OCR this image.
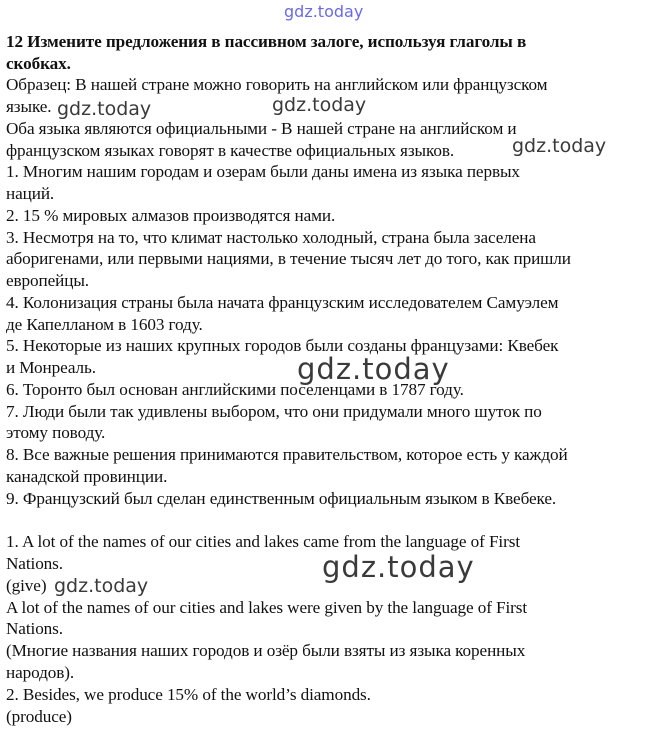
gdz.today
12 Измените предложения в пассивном залоге, используя глаголы в
скобках.
Образец: В нашей стране можно говорить на английском или французском
языке.
Оба языка являются официальными - В нашей стране на английском и
французском языках говорят в качестве официальных языков.
1. Многим нашим городам и озерам были даны имена из языка первых
наций.
2. 15 % мировых алмазов производятся нами.
3. Несмотря на то, что климат настолько холодный, страна была заселена
аборигенами, или первыми нациями, в течение тысяч лет до того, как пришли
европейцы.
4. Колонизация страны была начата французским исследователем Самуэлем
де Капелланом в 1603 году.
5. Некоторые из наших крупных городов были созданы французами: Квебек
и Монреаль.
6. Торонто был основан английскими поселенцами в 1787 году.
7. Люди были так удивлены выбором, что они придумали много шуток по
этому поводу.
8. Все важные решения принимаются правительством, которое есть у каждой
канадской провинции.
9. Французский был сделан единственным официальным языком в Квебеке.
1. A lot of the names of our cities and lakes came from the language of First
Nations.
(give)
A lot of the names of our cities and lakes were given by the language of First
Nations.
(Многие названия наших городов и озёр были взяты из языка коренных
народов).
2. Besides, we produce 15% of the world’s diamonds.
(produce)
gdz.today	gdz.today
gdz.today
gdz.today
gdz.today
gdz.today
